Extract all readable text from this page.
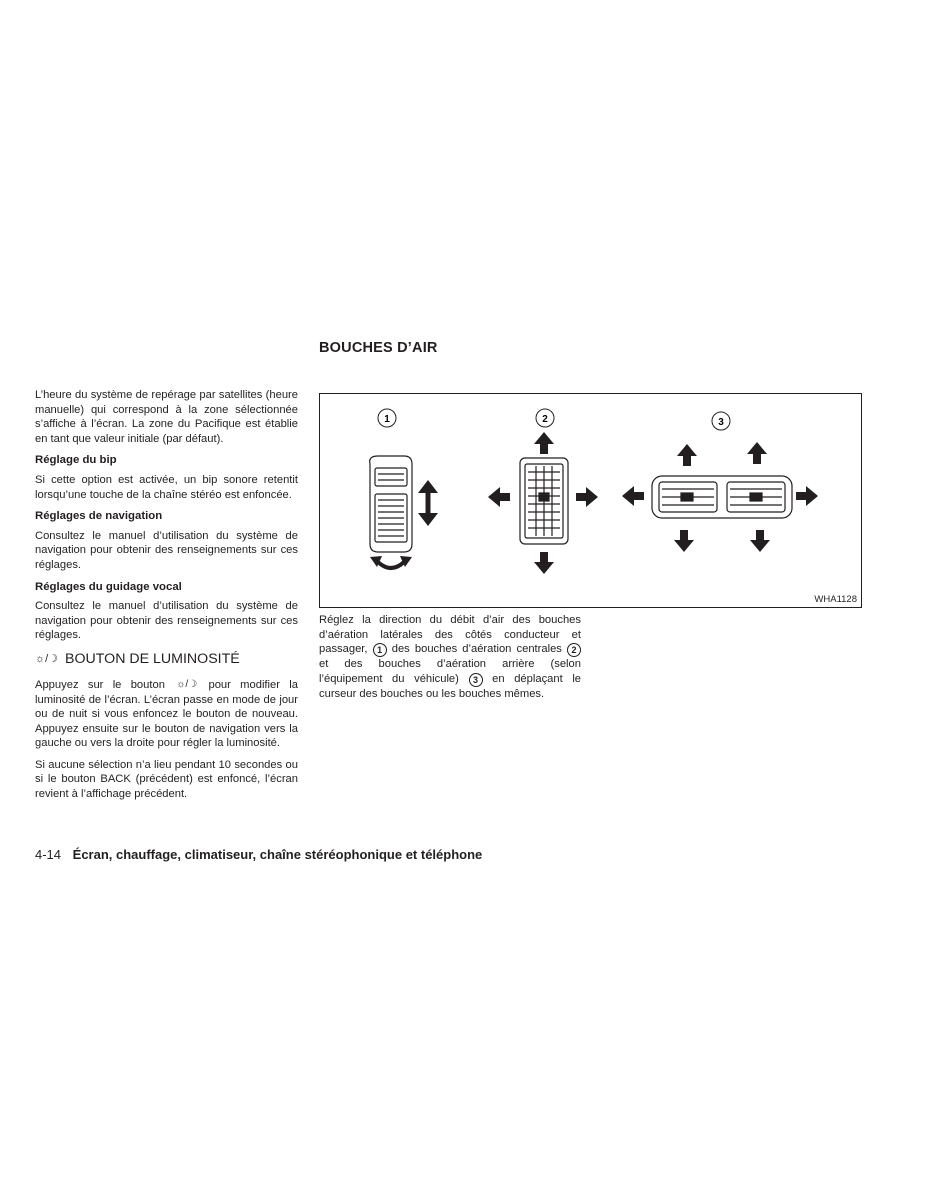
BOUCHES D’AIR

L’heure du système de repérage par satellites (heure manuelle) qui correspond à la zone sélectionnée s’affiche à l’écran. La zone du Pacifique est établie en tant que valeur initiale (par défaut).

Réglage du bip

Si cette option est activée, un bip sonore retentit lorsqu’une touche de la chaîne stéréo est enfoncée.

Réglages de navigation

Consultez le manuel d’utilisation du système de navigation pour obtenir des renseignements sur ces réglages.

Réglages du guidage vocal

Consultez le manuel d’utilisation du système de navigation pour obtenir des renseignements sur ces réglages.

☼/☽ BOUTON DE LUMINOSITÉ

Appuyez sur le bouton ☼/☽ pour modifier la luminosité de l’écran. L’écran passe en mode de jour ou de nuit si vous enfoncez le bouton de nouveau. Appuyez ensuite sur le bouton de navigation vers la gauche ou vers la droite pour régler la luminosité.

Si aucune sélection n’a lieu pendant 10 secondes ou si le bouton BACK (précédent) est enfoncé, l’écran revient à l’affichage précédent.

1	2	3
WHA1128

Réglez la direction du débit d’air des bouches d’aération latérales des côtés conducteur et passager, 1 des bouches d’aération centrales 2 et des bouches d’aération arrière (selon l’équipement du véhicule) 3 en déplaçant le curseur des bouches ou les bouches mêmes.

4-14 Écran, chauffage, climatiseur, chaîne stéréophonique et téléphone
